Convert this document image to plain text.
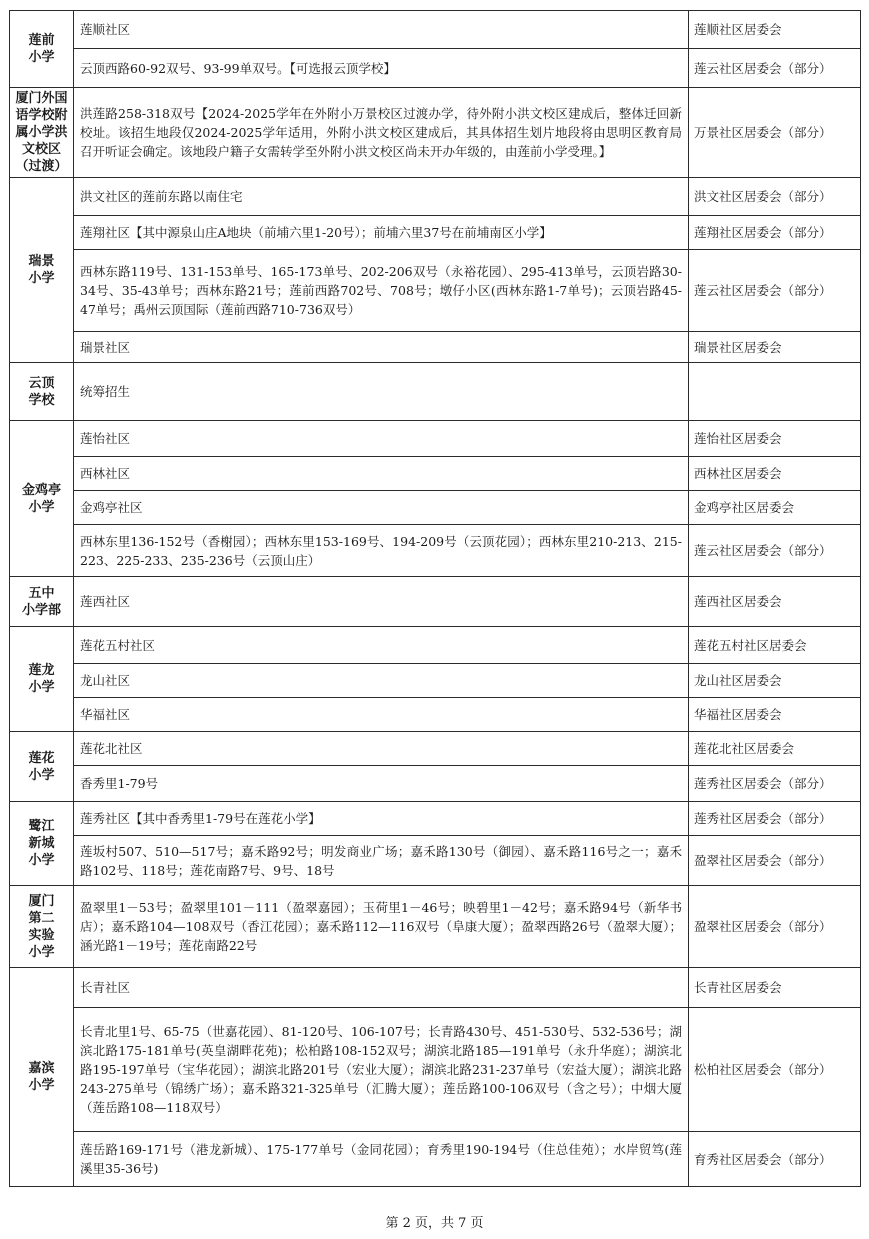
莲前
小学	莲顺社区	莲顺社区居委会
	云顶西路60-92双号、93-99单双号。【可选报云顶学校】	莲云社区居委会（部分）
厦门外国
语学校附
属小学洪
文校区
（过渡）	洪莲路258-318双号【2024-2025学年在外附小万景校区过渡办学，待外附小洪文校区建成后，整体迁回新校址。该招生地段仅2024-2025学年适用，外附小洪文校区建成后，其具体招生划片地段将由思明区教育局召开听证会确定。该地段户籍子女需转学至外附小洪文校区尚未开办年级的，由莲前小学受理。】	万景社区居委会（部分）
瑞景
小学	洪文社区的莲前东路以南住宅	洪文社区居委会（部分）
	莲翔社区【其中源泉山庄A地块（前埔六里1-20号）；前埔六里37号在前埔南区小学】	莲翔社区居委会（部分）
	西林东路119号、131-153单号、165-173单号、202-206双号（永裕花园）、295-413单号，云顶岩路30-34号、35-43单号；西林东路21号；莲前西路702号、708号；墩仔小区(西林东路1-7单号)；云顶岩路45-47单号；禹州云顶国际（莲前西路710-736双号）	莲云社区居委会（部分）
	瑞景社区	瑞景社区居委会
云顶
学校	统筹招生	
金鸡亭
小学	莲怡社区	莲怡社区居委会
	西林社区	西林社区居委会
	金鸡亭社区	金鸡亭社区居委会
	西林东里136-152号（香榭园）；西林东里153-169号、194-209号（云顶花园）；西林东里210-213、215-223、225-233、235-236号（云顶山庄）	莲云社区居委会（部分）
五中
小学部	莲西社区	莲西社区居委会
莲龙
小学	莲花五村社区	莲花五村社区居委会
	龙山社区	龙山社区居委会
	华福社区	华福社区居委会
莲花
小学	莲花北社区	莲花北社区居委会
	香秀里1-79号	莲秀社区居委会（部分）
鹭江
新城
小学	莲秀社区【其中香秀里1-79号在莲花小学】	莲秀社区居委会（部分）
	莲坂村507、510—517号；嘉禾路92号；明发商业广场；嘉禾路130号（御园）、嘉禾路116号之一；嘉禾路102号、118号；莲花南路7号、9号、18号	盈翠社区居委会（部分）
厦门
第二
实验
小学	盈翠里1－53号；盈翠里101－111（盈翠嘉园）；玉荷里1－46号；映碧里1－42号；嘉禾路94号（新华书店）；嘉禾路104—108双号（香江花园）；嘉禾路112—116双号（阜康大厦）；盈翠西路26号（盈翠大厦）；涵光路1－19号；莲花南路22号	盈翠社区居委会（部分）
嘉滨
小学	长青社区	长青社区居委会
	长青北里1号、65-75（世嘉花园）、81-120号、106-107号；长青路430号、451-530号、532-536号；湖滨北路175-181单号(英皇湖畔花苑)；松柏路108-152双号；湖滨北路185—191单号（永升华庭）；湖滨北路195-197单号（宝华花园）；湖滨北路201号（宏业大厦）；湖滨北路231-237单号（宏益大厦）；湖滨北路243-275单号（锦绣广场）；嘉禾路321-325单号（汇腾大厦）；莲岳路100-106双号（含之号）；中烟大厦（莲岳路108—118双号）	松柏社区居委会（部分）
	莲岳路169-171号（港龙新城）、175-177单号（金同花园）；育秀里190-194号（住总佳苑）；水岸贸笃(莲溪里35-36号)	育秀社区居委会（部分）
第 2 页，共 7 页
